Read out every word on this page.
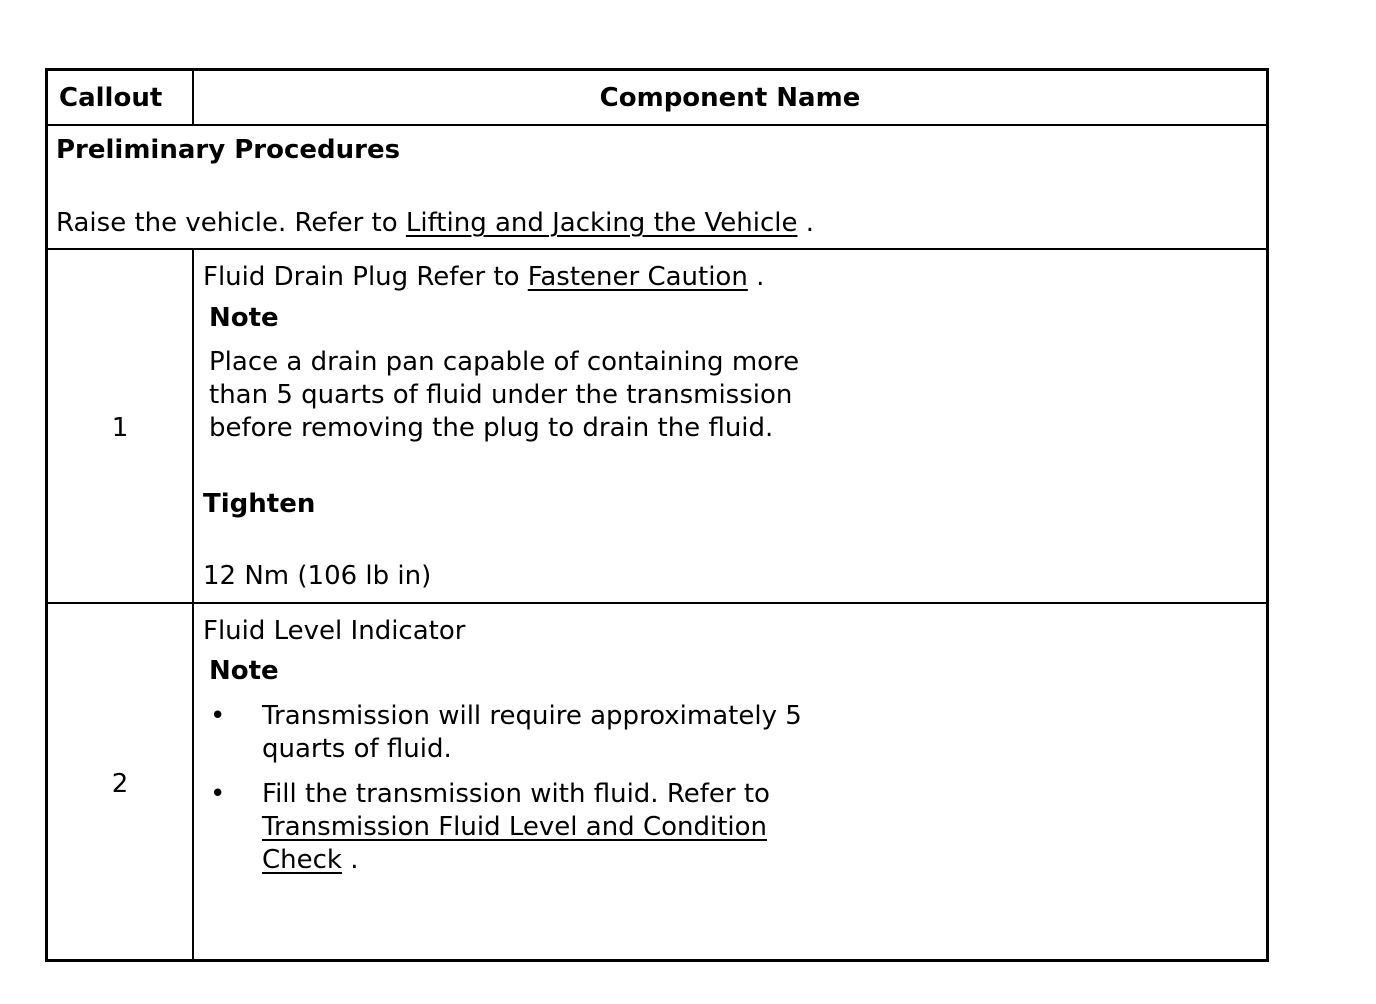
Callout	Component Name
Preliminary Procedures
Raise the vehicle. Refer to Lifting and Jacking the Vehicle .
1
Fluid Drain Plug Refer to Fastener Caution .
Note
Place a drain pan capable of containing more
than 5 quarts of fluid under the transmission
before removing the plug to drain the fluid.
Tighten
12 Nm (106 lb in)
2
Fluid Level Indicator
Note
• Transmission will require approximately 5
quarts of fluid.
• Fill the transmission with fluid. Refer to
Transmission Fluid Level and Condition
Check .
